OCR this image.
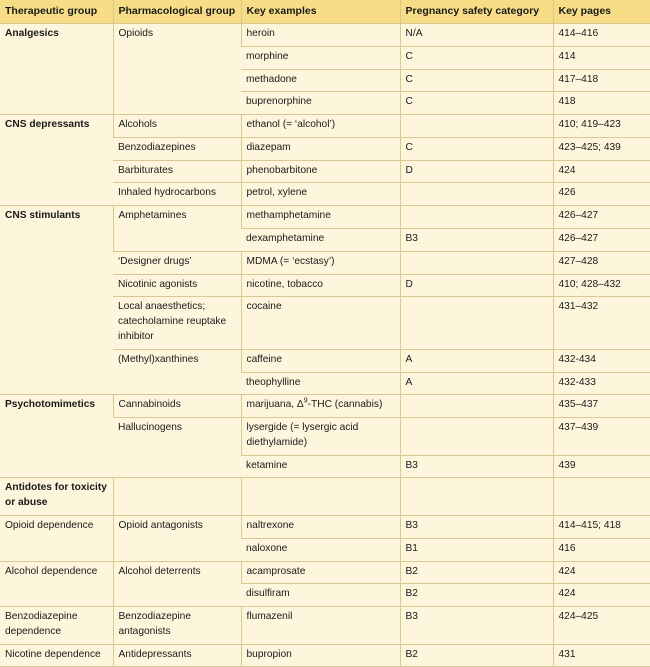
Therapeutic group	Pharmacological group	Key examples	Pregnancy safety category	Key pages
Analgesics	Opioids	heroin	N/A	414–416
		morphine	C	414
		methadone	C	417–418
		buprenorphine	C	418
CNS depressants	Alcohols	ethanol (= ‘alcohol’)		410; 419–423
	Benzodiazepines	diazepam	C	423–425; 439
	Barbiturates	phenobarbitone	D	424
	Inhaled hydrocarbons	petrol, xylene		426
CNS stimulants	Amphetamines	methamphetamine		426–427
		dexamphetamine	B3	426–427
	‘Designer drugs’	MDMA (= ‘ecstasy’)		427–428
	Nicotinic agonists	nicotine, tobacco	D	410; 428–432
	Local anaesthetics; catecholamine reuptake inhibitor	cocaine		431–432
	(Methyl)xanthines	caffeine	A	432-434
		theophylline	A	432-433
Psychotomimetics	Cannabinoids	marijuana, $\Delta^9$-THC (cannabis)		435–437
	Hallucinogens	lysergide (= lysergic acid diethylamide)		437–439
		ketamine	B3	439
Antidotes for toxicity or abuse				
Opioid dependence	Opioid antagonists	naltrexone	B3	414–415; 418
		naloxone	B1	416
Alcohol dependence	Alcohol deterrents	acamprosate	B2	424
		disulfiram	B2	424
Benzodiazepine dependence	Benzodiazepine antagonists	flumazenil	B3	424–425
Nicotine dependence	Antidepressants	bupropion	B2	431
